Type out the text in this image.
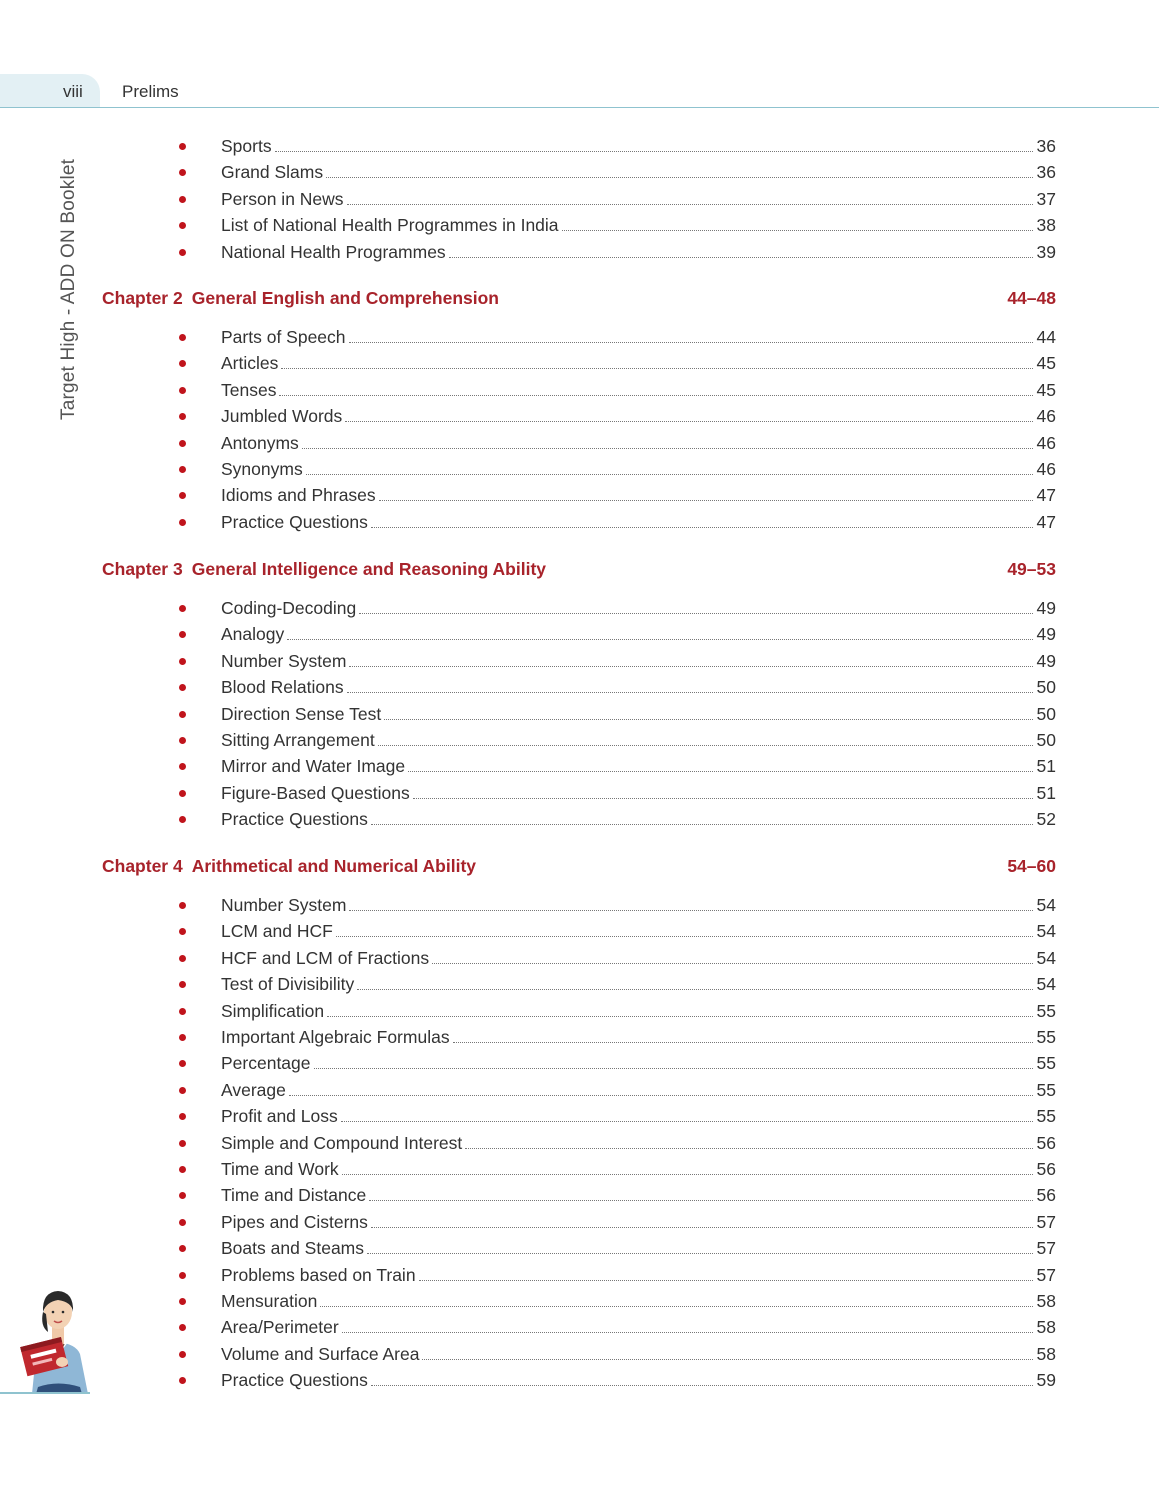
viii Prelims
Target High - ADD ON Booklet
Sports	36
Grand Slams	36
Person in News	37
List of National Health Programmes in India	38
National Health Programmes	39
Chapter 2 General English and Comprehension	44–48
Parts of Speech	44
Articles	45
Tenses	45
Jumbled Words	46
Antonyms	46
Synonyms	46
Idioms and Phrases	47
Practice Questions	47
Chapter 3 General Intelligence and Reasoning Ability	49–53
Coding-Decoding	49
Analogy	49
Number System	49
Blood Relations	50
Direction Sense Test	50
Sitting Arrangement	50
Mirror and Water Image	51
Figure-Based Questions	51
Practice Questions	52
Chapter 4 Arithmetical and Numerical Ability	54–60
Number System	54
LCM and HCF	54
HCF and LCM of Fractions	54
Test of Divisibility	54
Simplification	55
Important Algebraic Formulas	55
Percentage	55
Average	55
Profit and Loss	55
Simple and Compound Interest	56
Time and Work	56
Time and Distance	56
Pipes and Cisterns	57
Boats and Steams	57
Problems based on Train	57
Mensuration	58
Area/Perimeter	58
Volume and Surface Area	58
Practice Questions	59
